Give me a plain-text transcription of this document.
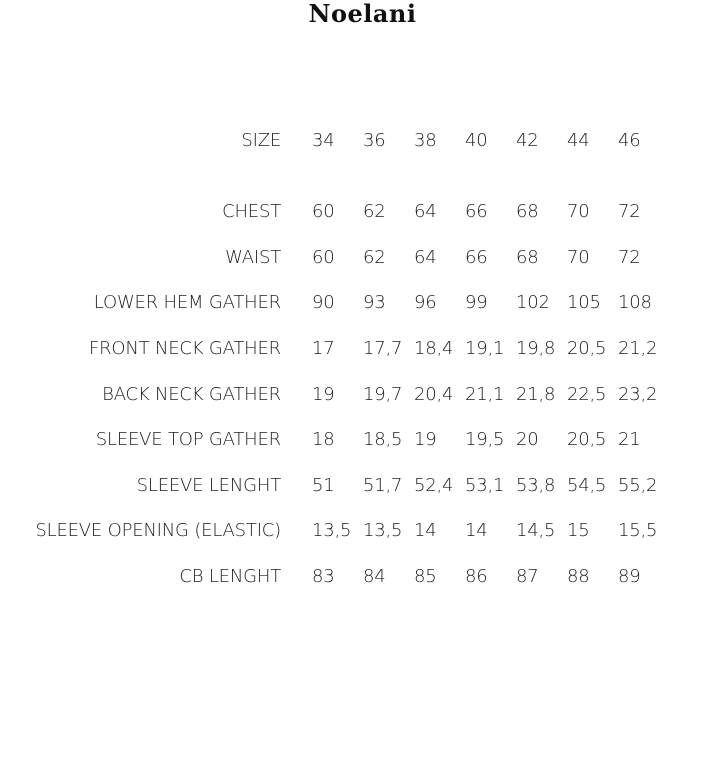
Noelani
SIZE		34	36	38	40	42	44	46

CHEST		60	62	64	66	68	70	72
WAIST		60	62	64	66	68	70	72
LOWER HEM GATHER		90	93	96	99	102	105	108
FRONT NECK GATHER		17	17,7	18,4	19,1	19,8	20,5	21,2
BACK NECK GATHER		19	19,7	20,4	21,1	21,8	22,5	23,2
SLEEVE TOP GATHER		18	18,5	19	19,5	20	20,5	21
SLEEVE LENGHT		51	51,7	52,4	53,1	53,8	54,5	55,2
SLEEVE OPENING (ELASTIC)		13,5	13,5	14	14	14,5	15	15,5
CB LENGHT		83	84	85	86	87	88	89
